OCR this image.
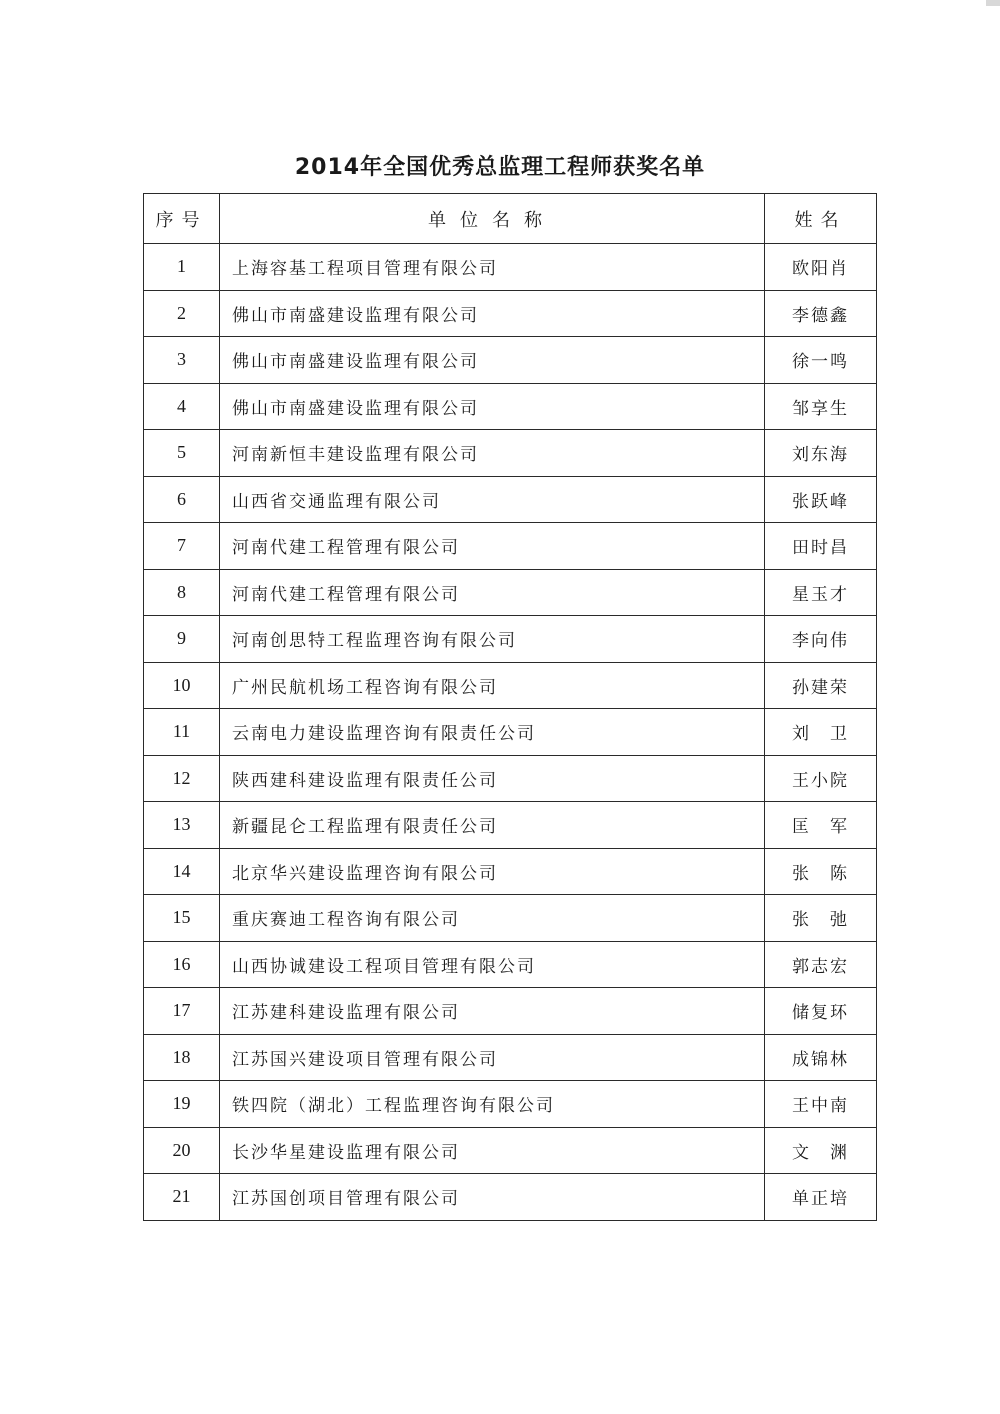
2014年全国优秀总监理工程师获奖名单
序号	单位名称	姓名
1	上海容基工程项目管理有限公司	欧阳肖
2	佛山市南盛建设监理有限公司	李德鑫
3	佛山市南盛建设监理有限公司	徐一鸣
4	佛山市南盛建设监理有限公司	邹享生
5	河南新恒丰建设监理有限公司	刘东海
6	山西省交通监理有限公司	张跃峰
7	河南代建工程管理有限公司	田时昌
8	河南代建工程管理有限公司	星玉才
9	河南创思特工程监理咨询有限公司	李向伟
10	广州民航机场工程咨询有限公司	孙建荣
11	云南电力建设监理咨询有限责任公司	刘　卫
12	陕西建科建设监理有限责任公司	王小院
13	新疆昆仑工程监理有限责任公司	匡　军
14	北京华兴建设监理咨询有限公司	张　陈
15	重庆赛迪工程咨询有限公司	张　弛
16	山西协诚建设工程项目管理有限公司	郭志宏
17	江苏建科建设监理有限公司	储复环
18	江苏国兴建设项目管理有限公司	成锦林
19	铁四院（湖北）工程监理咨询有限公司	王中南
20	长沙华星建设监理有限公司	文　渊
21	江苏国创项目管理有限公司	单正培
